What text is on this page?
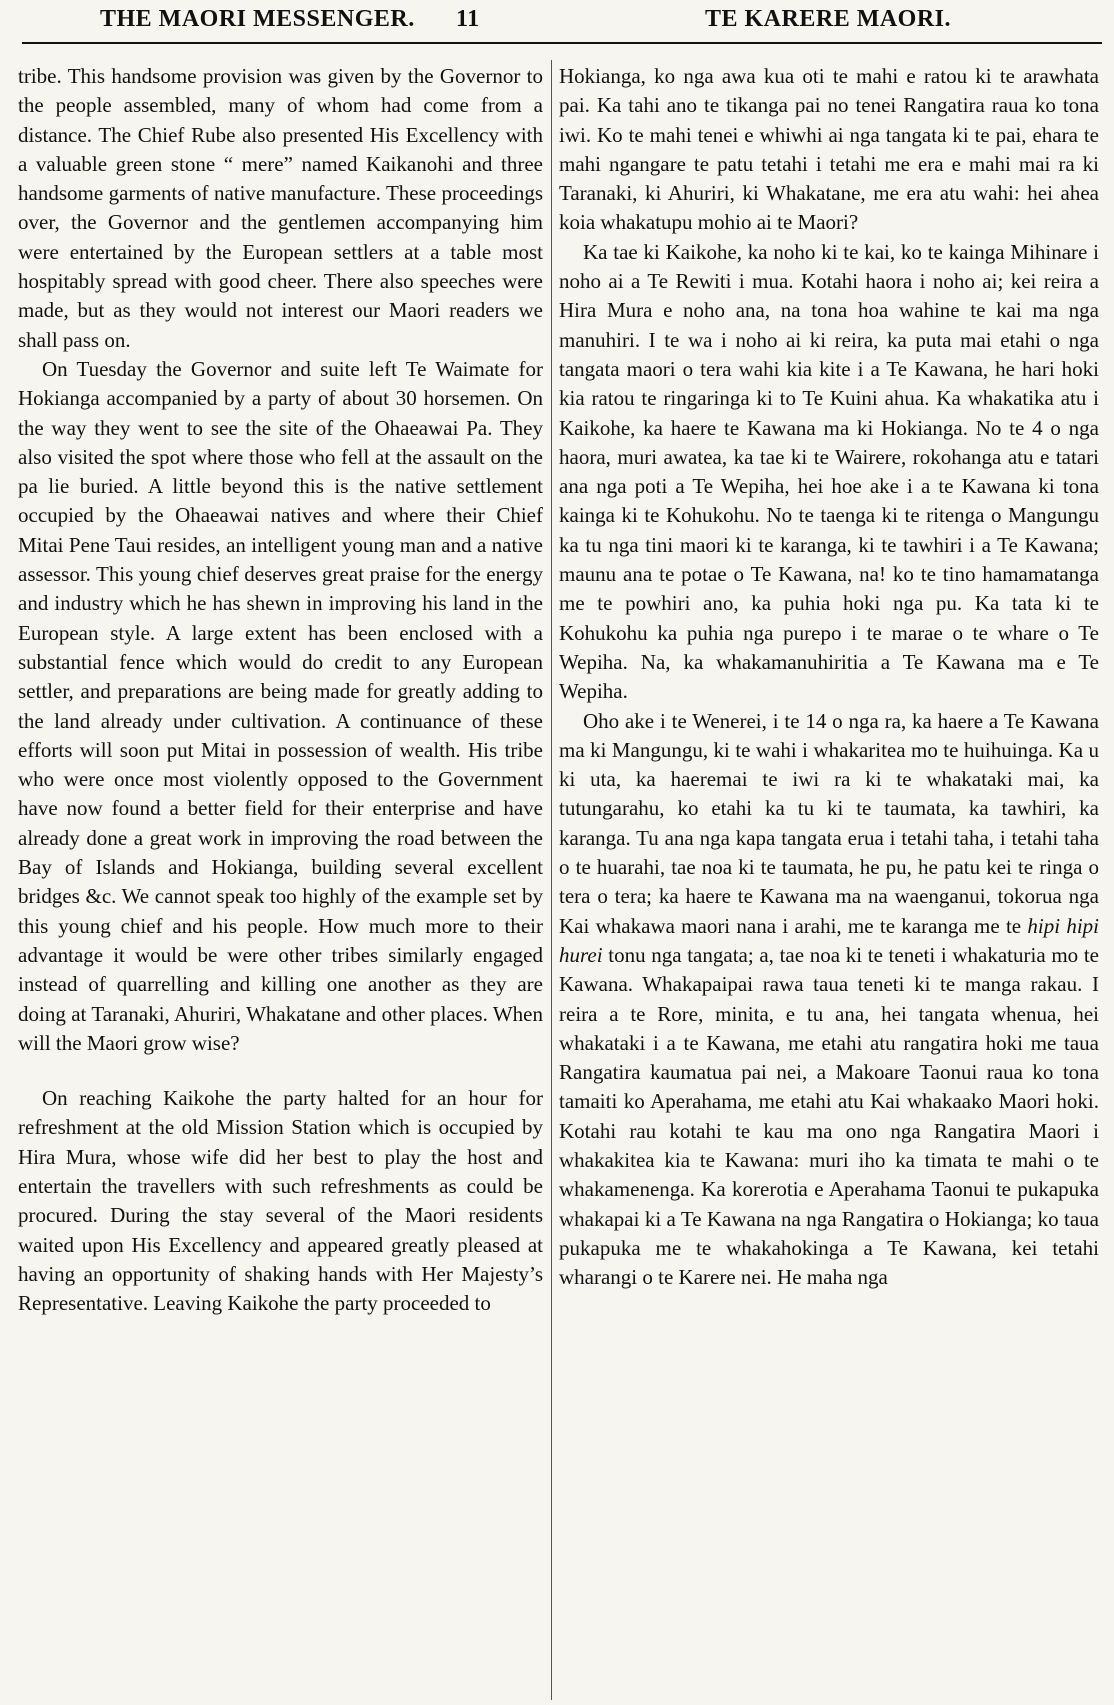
THE MAORI MESSENGER. 11	TE KARERE MAORI.

tribe. This handsome provision was given by the Governor to the people assembled, many of whom had come from a distance. The Chief Rube also presented His Excellency with a valuable green stone “ mere” named Kaikanohi and three handsome garments of native manufacture. These proceedings over, the Governor and the gentlemen accompanying him were entertained by the European settlers at a table most hospitably spread with good cheer. There also speeches were made, but as they would not interest our Maori readers we shall pass on.

On Tuesday the Governor and suite left Te Waimate for Hokianga accompanied by a party of about 30 horsemen. On the way they went to see the site of the Ohaeawai Pa. They also visited the spot where those who fell at the assault on the pa lie buried. A little beyond this is the native settlement occupied by the Ohaeawai natives and where their Chief Mitai Pene Taui resides, an intelligent young man and a native assessor. This young chief deserves great praise for the energy and industry which he has shewn in improving his land in the European style. A large extent has been enclosed with a substantial fence which would do credit to any European settler, and preparations are being made for greatly adding to the land already under cultivation. A continuance of these efforts will soon put Mitai in possession of wealth. His tribe who were once most violently opposed to the Government have now found a better field for their enterprise and have already done a great work in improving the road between the Bay of Islands and Hokianga, building several excellent bridges &c. We cannot speak too highly of the example set by this young chief and his people. How much more to their advantage it would be were other tribes similarly engaged instead of quarrelling and killing one another as they are doing at Taranaki, Ahuriri, Whakatane and other places. When will the Maori grow wise?

On reaching Kaikohe the party halted for an hour for refreshment at the old Mission Station which is occupied by Hira Mura, whose wife did her best to play the host and entertain the travellers with such refreshments as could be procured. During the stay several of the Maori residents waited upon His Excellency and appeared greatly pleased at having an opportunity of shaking hands with Her Majesty’s Representative. Leaving Kaikohe the party proceeded to

Hokianga, ko nga awa kua oti te mahi e ratou ki te arawhata pai. Ka tahi ano te tikanga pai no tenei Rangatira raua ko tona iwi. Ko te mahi tenei e whiwhi ai nga tangata ki te pai, ehara te mahi ngangare te patu tetahi i tetahi me era e mahi mai ra ki Taranaki, ki Ahuriri, ki Whakatane, me era atu wahi: hei ahea koia whakatupu mohio ai te Maori?

Ka tae ki Kaikohe, ka noho ki te kai, ko te kainga Mihinare i noho ai a Te Rewiti i mua. Kotahi haora i noho ai; kei reira a Hira Mura e noho ana, na tona hoa wahine te kai ma nga manuhiri. I te wa i noho ai ki reira, ka puta mai etahi o nga tangata maori o tera wahi kia kite i a Te Kawana, he hari hoki kia ratou te ringaringa ki to Te Kuini ahua. Ka whakatika atu i Kaikohe, ka haere te Kawana ma ki Hokianga. No te 4 o nga haora, muri awatea, ka tae ki te Wairere, rokohanga atu e tatari ana nga poti a Te Wepiha, hei hoe ake i a te Kawana ki tona kainga ki te Kohukohu. No te taenga ki te ritenga o Mangungu ka tu nga tini maori ki te karanga, ki te tawhiri i a Te Kawana; maunu ana te potae o Te Kawana, na! ko te tino hamamatanga me te powhiri ano, ka puhia hoki nga pu. Ka tata ki te Kohukohu ka puhia nga purepo i te marae o te whare o Te Wepiha. Na, ka whakamanuhiritia a Te Kawana ma e Te Wepiha.

Oho ake i te Wenerei, i te 14 o nga ra, ka haere a Te Kawana ma ki Mangungu, ki te wahi i whakaritea mo te huihuinga. Ka u ki uta, ka haeremai te iwi ra ki te whakataki mai, ka tutungarahu, ko etahi ka tu ki te taumata, ka tawhiri, ka karanga. Tu ana nga kapa tangata erua i tetahi taha, i tetahi taha o te huarahi, tae noa ki te taumata, he pu, he patu kei te ringa o tera o tera; ka haere te Kawana ma na waenganui, tokorua nga Kai whakawa maori nana i arahi, me te karanga me te hipi hipi hurei tonu nga tangata; a, tae noa ki te teneti i whakaturia mo te Kawana. Whakapaipai rawa taua teneti ki te manga rakau. I reira a te Rore, minita, e tu ana, hei tangata whenua, hei whakataki i a te Kawana, me etahi atu rangatira hoki me taua Rangatira kaumatua pai nei, a Makoare Taonui raua ko tona tamaiti ko Aperahama, me etahi atu Kai whakaako Maori hoki. Kotahi rau kotahi te kau ma ono nga Rangatira Maori i whakakitea kia te Kawana: muri iho ka timata te mahi o te whakamenenga. Ka korerotia e Aperahama Taonui te pukapuka whakapai ki a Te Kawana na nga Rangatira o Hokianga; ko taua pukapuka me te whakahokinga a Te Kawana, kei tetahi wharangi o te Karere nei. He maha nga
